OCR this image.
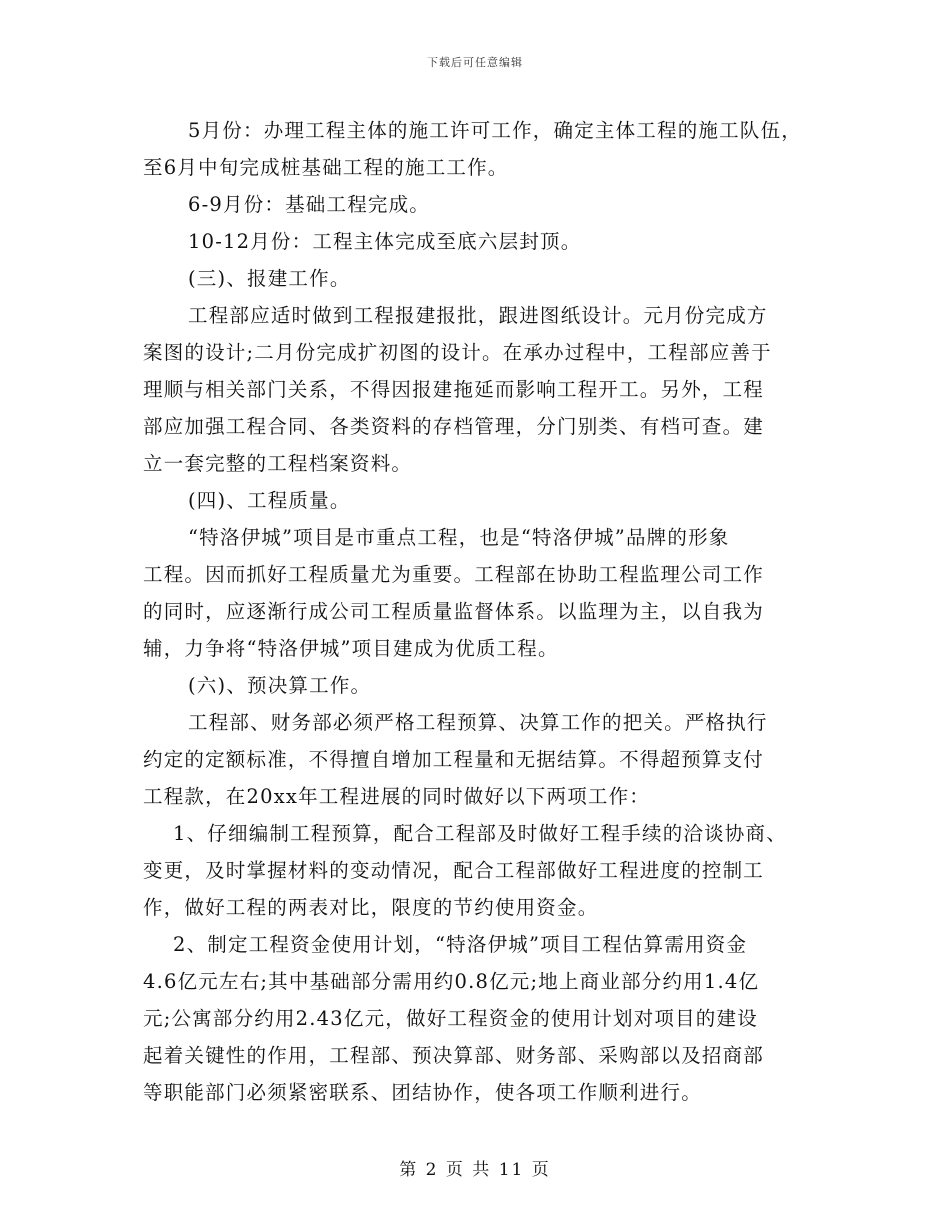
下载后可任意编辑
5月份：办理工程主体的施工许可工作，确定主体工程的施工队伍，
至6月中旬完成桩基础工程的施工工作。
6-9月份：基础工程完成。
10-12月份：工程主体完成至底六层封顶。
(三)、报建工作。
工程部应适时做到工程报建报批，跟进图纸设计。元月份完成方
案图的设计;二月份完成扩初图的设计。在承办过程中，工程部应善于
理顺与相关部门关系，不得因报建拖延而影响工程开工。另外，工程
部应加强工程合同、各类资料的存档管理，分门别类、有档可查。建
立一套完整的工程档案资料。
(四)、工程质量。
“特洛伊城”项目是市重点工程，也是“特洛伊城”品牌的形象
工程。因而抓好工程质量尤为重要。工程部在协助工程监理公司工作
的同时，应逐渐行成公司工程质量监督体系。以监理为主，以自我为
辅，力争将“特洛伊城”项目建成为优质工程。
(六)、预决算工作。
工程部、财务部必须严格工程预算、决算工作的把关。严格执行
约定的定额标准，不得擅自增加工程量和无据结算。不得超预算支付
工程款，在20xx年工程进展的同时做好以下两项工作：
1、仔细编制工程预算，配合工程部及时做好工程手续的洽谈协商、
变更，及时掌握材料的变动情况，配合工程部做好工程进度的控制工
作，做好工程的两表对比，限度的节约使用资金。
2、制定工程资金使用计划，“特洛伊城”项目工程估算需用资金
4.6亿元左右;其中基础部分需用约0.8亿元;地上商业部分约用1.4亿
元;公寓部分约用2.43亿元，做好工程资金的使用计划对项目的建设
起着关键性的作用，工程部、预决算部、财务部、采购部以及招商部
等职能部门必须紧密联系、团结协作，使各项工作顺利进行。
第 2 页 共 11 页
